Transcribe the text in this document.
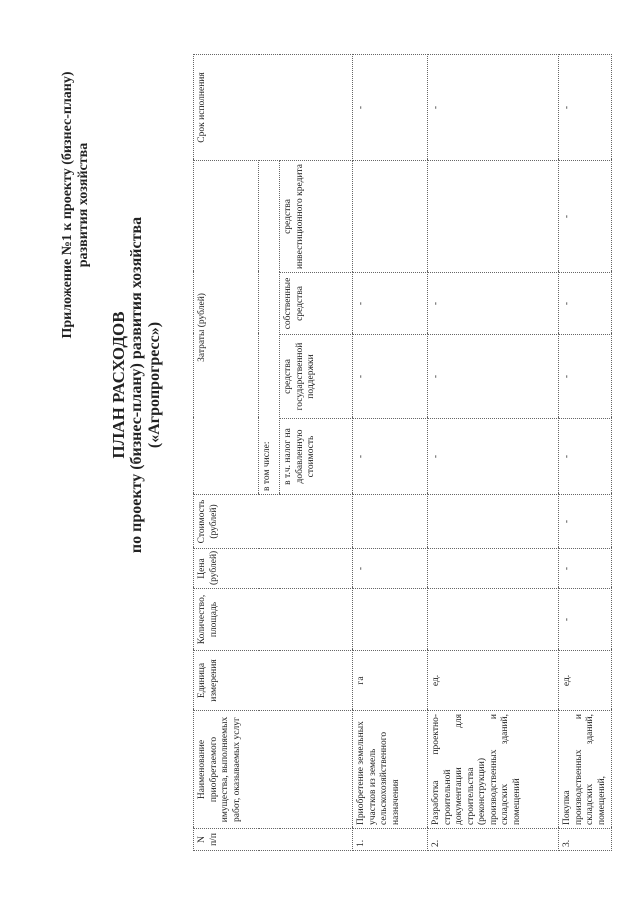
Приложение №1 к проекту (бизнес-плану) развития хозяйства
ПЛАН РАСХОДОВ по проекту (бизнес-плану) развития хозяйства («Агропрогресс»)
N п/п	Наименование приобретаемого имущества, выполняемых работ, оказываемых услуг	Единица измерения	Количество, площадь	Цена (рублей)	Стоимость (рублей)	Затраты (рублей)				Срок исполнения
						в том числе:				
						в т.ч. налог на добавленную стоимость	средства государственной поддержки	собственные средства	средства инвестиционного кредита	
1.	Приобретение земельных участков из земель сельскохозяйственного назначения	га		-		-	-	-		-
2.	Разработка проектно-строительной документации для строительства (реконструкции) производственных и складских зданий, помещений	ед.				-	-	-		-
3.	Покупка производственных и складских зданий, помещений,	ед.	-	-	-	-	-	-	-	-
